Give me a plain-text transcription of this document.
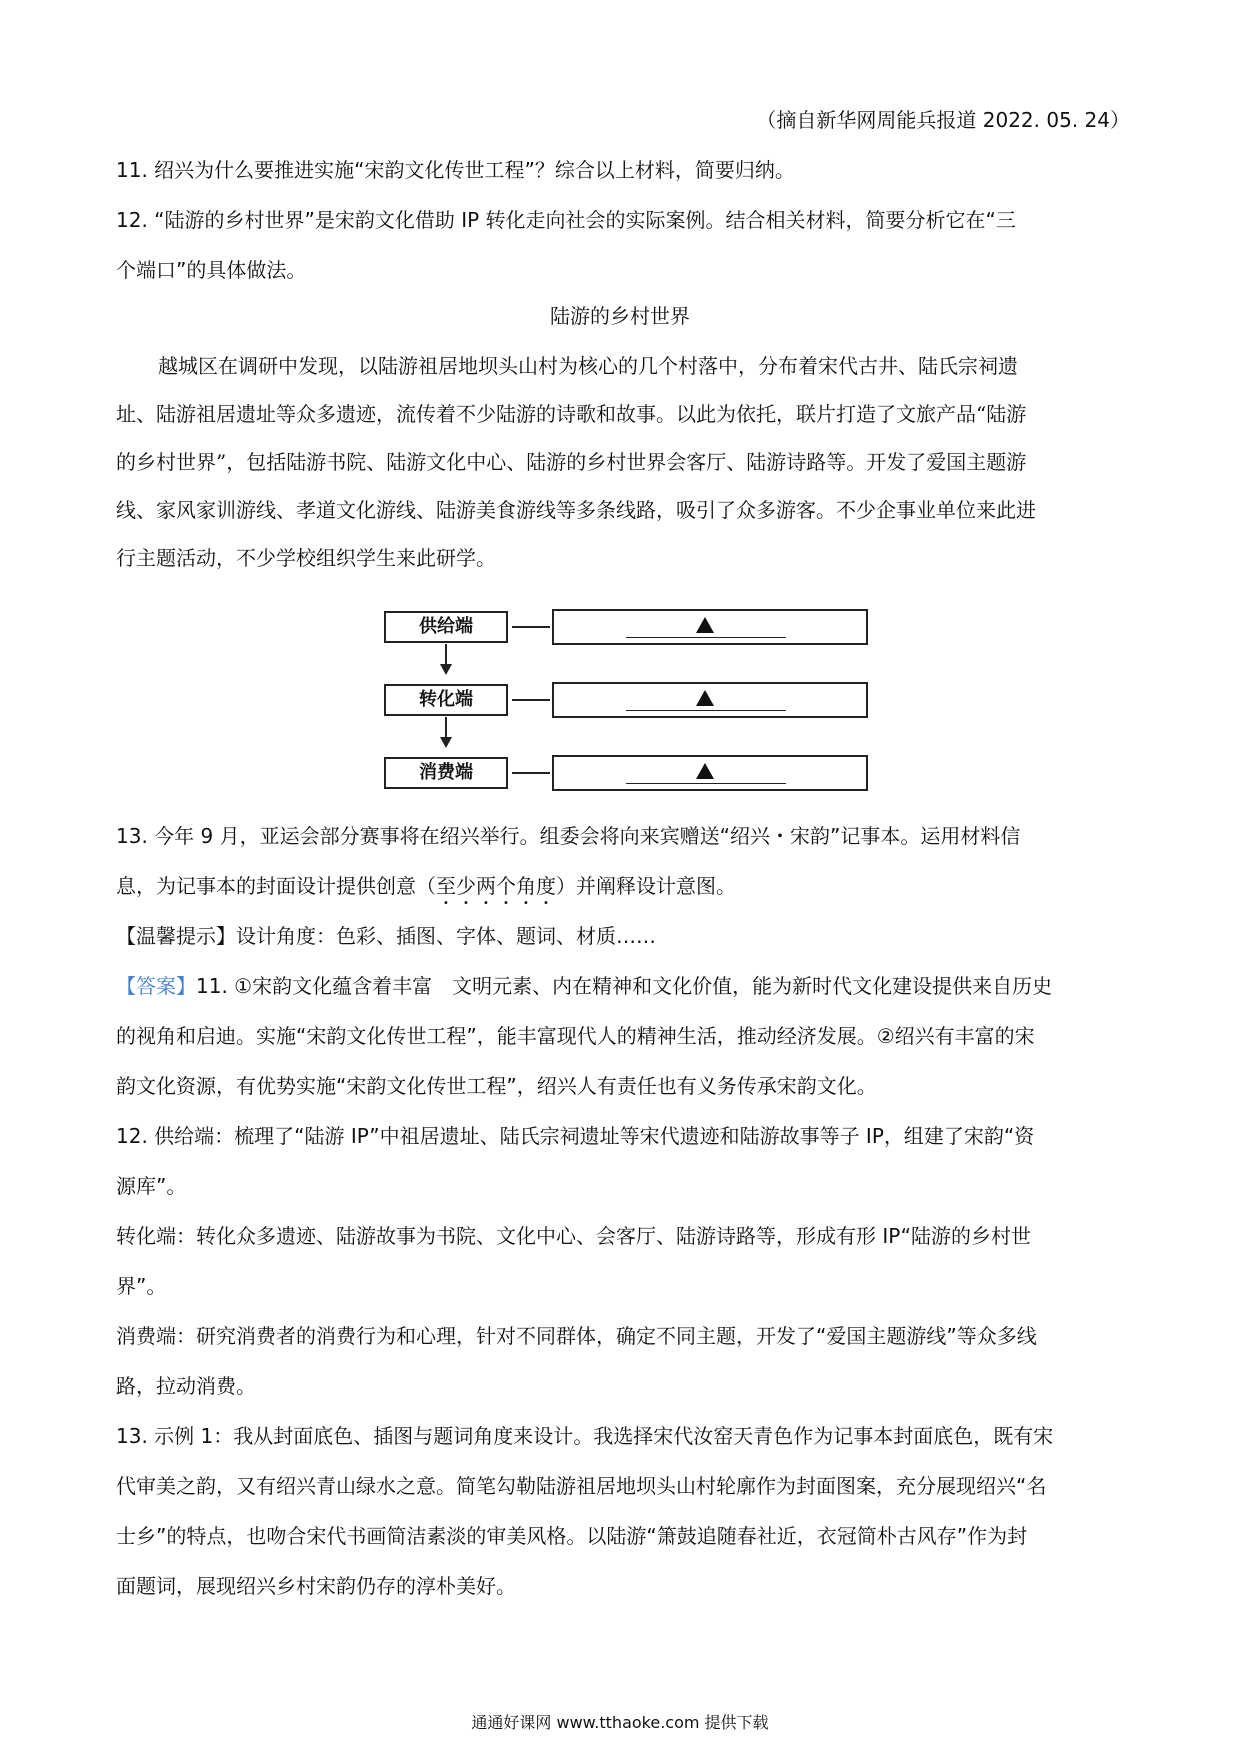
（摘自新华网周能兵报道 2022. 05. 24）
11. 绍兴为什么要推进实施“宋韵文化传世工程”？综合以上材料，简要归纳。
12. “陆游的乡村世界”是宋韵文化借助 IP 转化走向社会的实际案例。结合相关材料，简要分析它在“三
个端口”的具体做法。
陆游的乡村世界
越城区在调研中发现，以陆游祖居地坝头山村为核心的几个村落中，分布着宋代古井、陆氏宗祠遗
址、陆游祖居遗址等众多遗迹，流传着不少陆游的诗歌和故事。以此为依托，联片打造了文旅产品“陆游
的乡村世界”，包括陆游书院、陆游文化中心、陆游的乡村世界会客厅、陆游诗路等。开发了爱国主题游
线、家风家训游线、孝道文化游线、陆游美食游线等多条线路，吸引了众多游客。不少企事业单位来此进
行主题活动，不少学校组织学生来此研学。
供给端
转化端
消费端
13. 今年 9 月，亚运会部分赛事将在绍兴举行。组委会将向来宾赠送“绍兴・宋韵”记事本。运用材料信
息，为记事本的封面设计提供创意（至少两个角度）并阐释设计意图。
【温馨提示】设计角度：色彩、插图、字体、题词、材质……
【答案】11. ①宋韵文化蕴含着丰富　文明元素、内在精神和文化价值，能为新时代文化建设提供来自历史
的视角和启迪。实施“宋韵文化传世工程”，能丰富现代人的精神生活，推动经济发展。②绍兴有丰富的宋
韵文化资源，有优势实施“宋韵文化传世工程”，绍兴人有责任也有义务传承宋韵文化。
12. 供给端：梳理了“陆游 IP”中祖居遗址、陆氏宗祠遗址等宋代遗迹和陆游故事等子 IP，组建了宋韵“资
源库”。
转化端：转化众多遗迹、陆游故事为书院、文化中心、会客厅、陆游诗路等，形成有形 IP“陆游的乡村世
界”。
消费端：研究消费者的消费行为和心理，针对不同群体，确定不同主题，开发了“爱国主题游线”等众多线
路，拉动消费。
13. 示例 1：我从封面底色、插图与题词角度来设计。我选择宋代汝窑天青色作为记事本封面底色，既有宋
代审美之韵，又有绍兴青山绿水之意。简笔勾勒陆游祖居地坝头山村轮廓作为封面图案，充分展现绍兴“名
士乡”的特点，也吻合宋代书画简洁素淡的审美风格。以陆游“箫鼓追随春社近，衣冠简朴古风存”作为封
面题词，展现绍兴乡村宋韵仍存的淳朴美好。
通通好课网 www.tthaoke.com 提供下载
